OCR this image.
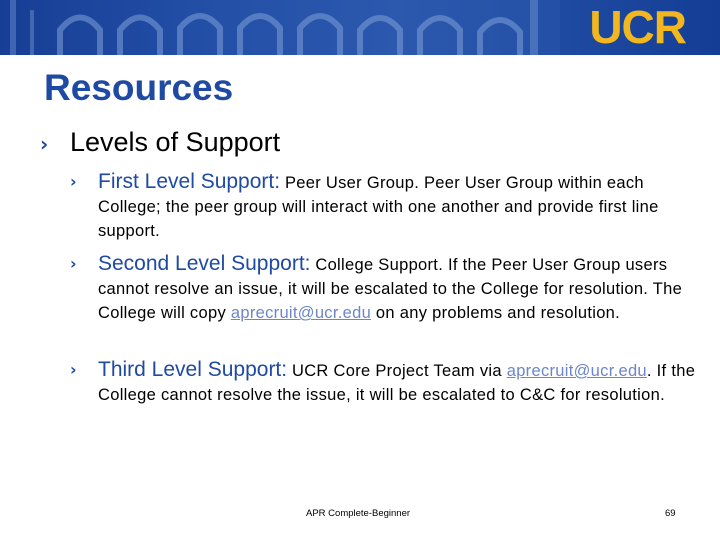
UCR
Resources
› Levels of Support
› First Level Support: Peer User Group. Peer User Group within each College; the peer group will interact with one another and provide first line support.
› Second Level Support: College Support. If the Peer User Group users cannot resolve an issue, it will be escalated to the College for resolution. The College will copy aprecruit@ucr.edu on any problems and resolution.
› Third Level Support: UCR Core Project Team via aprecruit@ucr.edu. If the College cannot resolve the issue, it will be escalated to C&C for resolution.
APR Complete-Beginner	69
